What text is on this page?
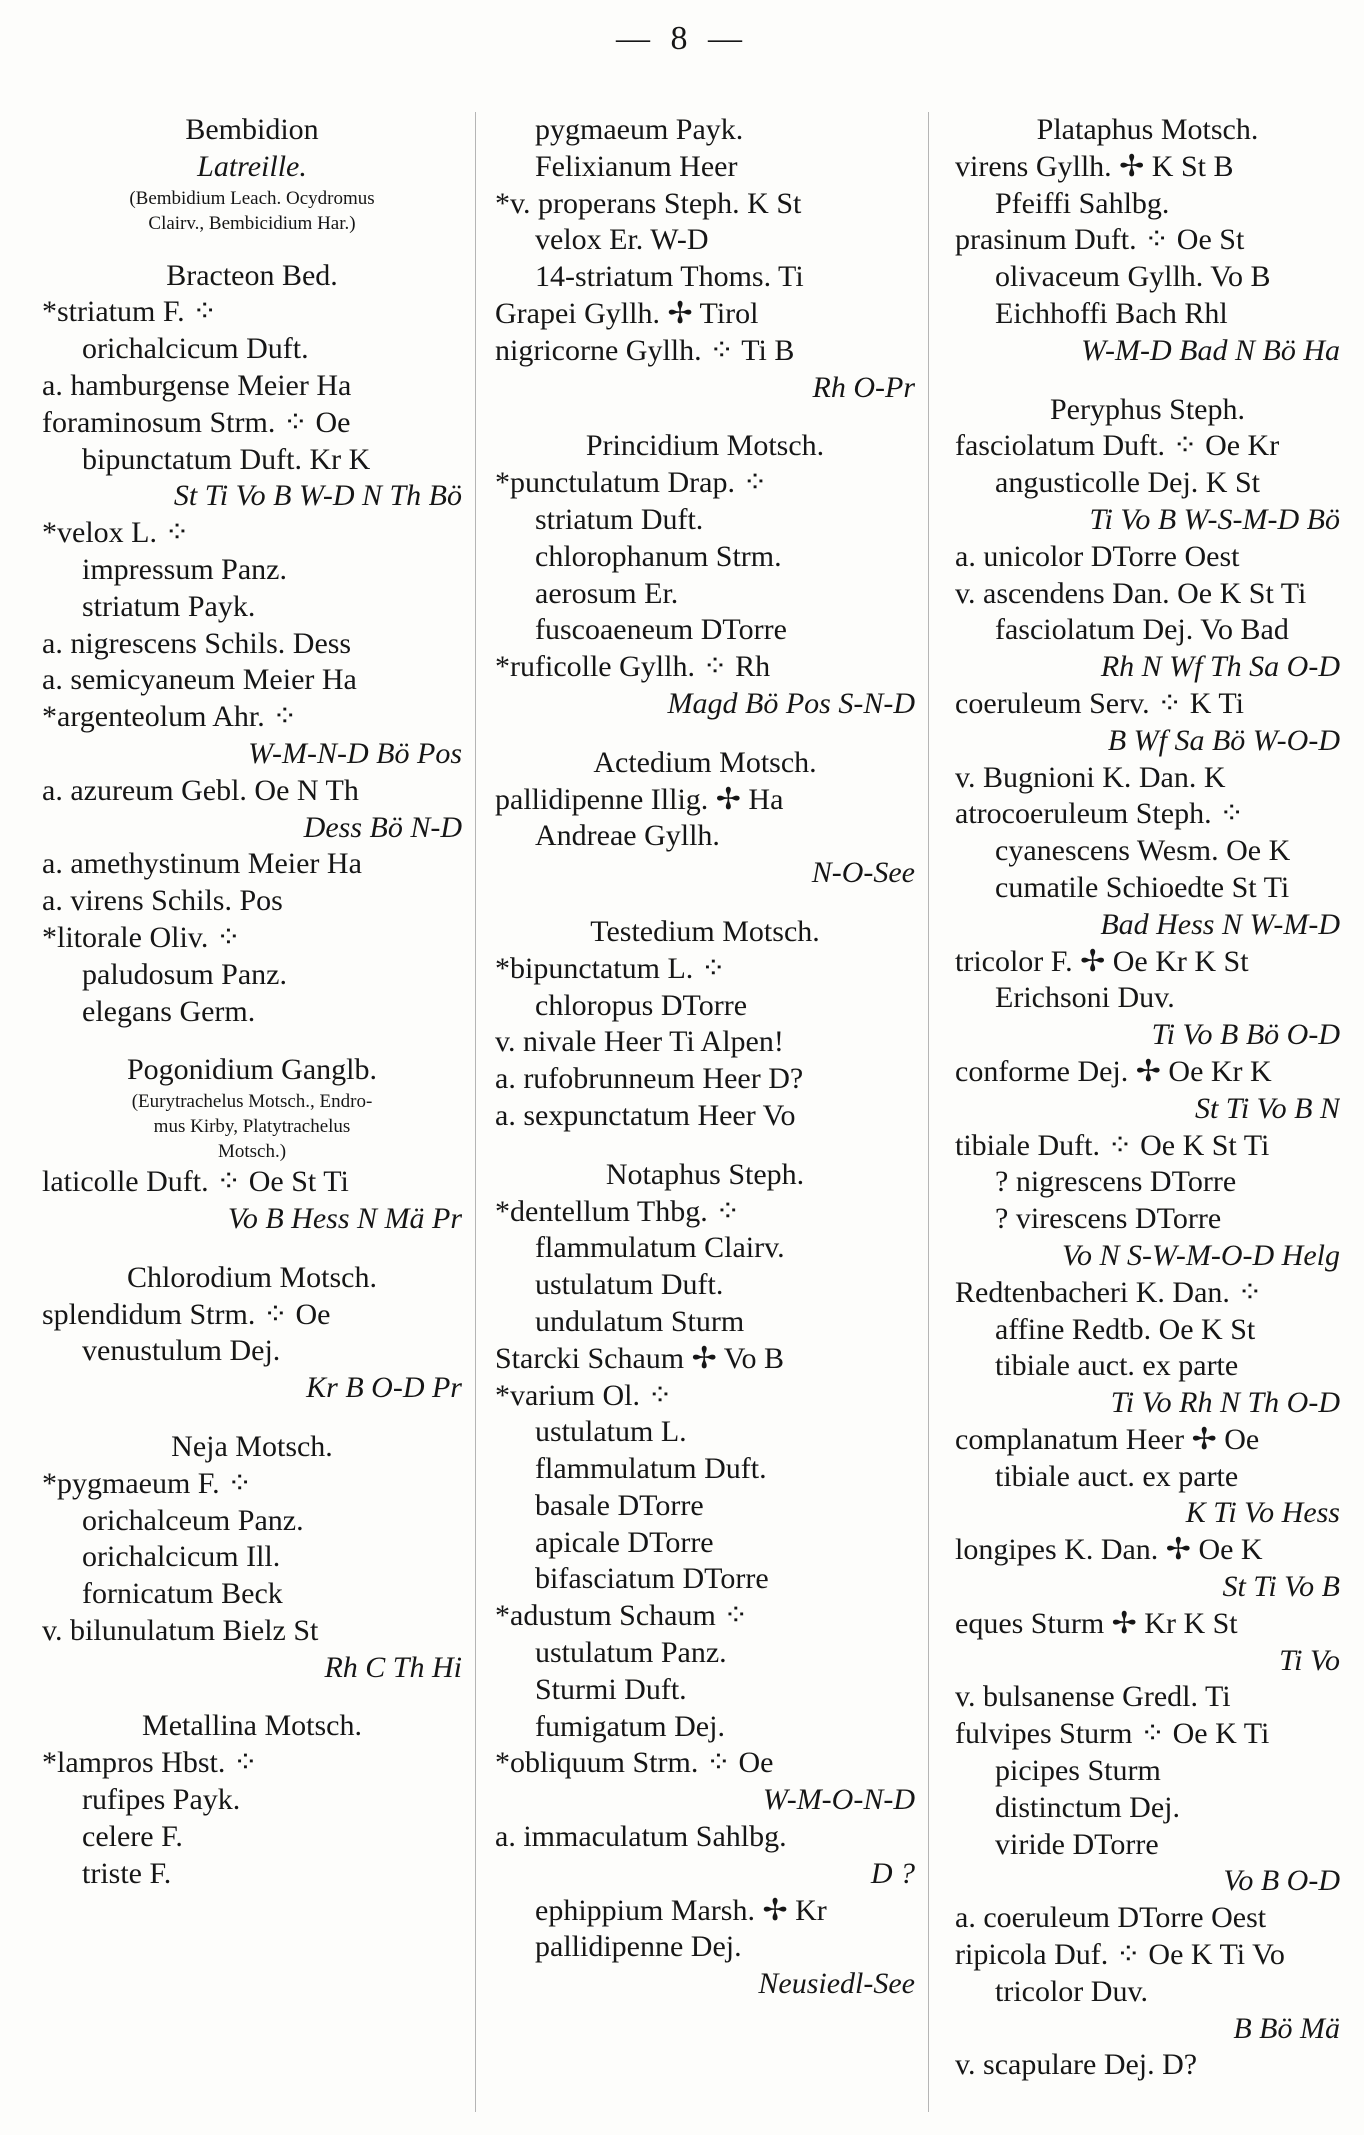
— 8 —
Bembidion
Latreille.
(Bembidium Leach. Ocydromus
Clairv., Bembicidium Har.)
Bracteon Bed.
*striatum F. ⁘
orichalcicum Duft.
a. hamburgense Meier Ha
foraminosum Strm. ⁘ Oe
bipunctatum Duft. Kr K
St Ti Vo B W-D N Th Bö
*velox L. ⁘
impressum Panz.
striatum Payk.
a. nigrescens Schils. Dess
a. semicyaneum Meier Ha
*argenteolum Ahr. ⁘
W-M-N-D Bö Pos
a. azureum Gebl. Oe N Th
Dess Bö N-D
a. amethystinum Meier Ha
a. virens Schils. Pos
*litorale Oliv. ⁘
paludosum Panz.
elegans Germ.
Pogonidium Ganglb.
(Eurytrachelus Motsch., Endro-
mus Kirby, Platytrachelus
Motsch.)
laticolle Duft. ⁘ Oe St Ti
Vo B Hess N Mä Pr
Chlorodium Motsch.
splendidum Strm. ⁘ Oe
venustulum Dej.
Kr B O-D Pr
Neja Motsch.
*pygmaeum F. ⁘
orichalceum Panz.
orichalcicum Ill.
fornicatum Beck
v. bilunulatum Bielz St
Rh C Th Hi
Metallina Motsch.
*lampros Hbst. ⁘
rufipes Payk.
celere F.
triste F.
pygmaeum Payk.
Felixianum Heer
*v. properans Steph. K St
velox Er. W-D
14-striatum Thoms. Ti
Grapei Gyllh. ✢ Tirol
nigricorne Gyllh. ⁘ Ti B
Rh O-Pr
Princidium Motsch.
*punctulatum Drap. ⁘
striatum Duft.
chlorophanum Strm.
aerosum Er.
fuscoaeneum DTorre
*ruficolle Gyllh. ⁘ Rh
Magd Bö Pos S-N-D
Actedium Motsch.
pallidipenne Illig. ✢ Ha
Andreae Gyllh.
N-O-See
Testedium Motsch.
*bipunctatum L. ⁘
chloropus DTorre
v. nivale Heer Ti Alpen!
a. rufobrunneum Heer D?
a. sexpunctatum Heer Vo
Notaphus Steph.
*dentellum Thbg. ⁘
flammulatum Clairv.
ustulatum Duft.
undulatum Sturm
Starcki Schaum ✢ Vo B
*varium Ol. ⁘
ustulatum L.
flammulatum Duft.
basale DTorre
apicale DTorre
bifasciatum DTorre
*adustum Schaum ⁘
ustulatum Panz.
Sturmi Duft.
fumigatum Dej.
*obliquum Strm. ⁘ Oe
W-M-O-N-D
a. immaculatum Sahlbg.
D ?
ephippium Marsh. ✢ Kr
pallidipenne Dej.
Neusiedl-See
Plataphus Motsch.
virens Gyllh. ✢ K St B
Pfeiffi Sahlbg.
prasinum Duft. ⁘ Oe St
olivaceum Gyllh. Vo B
Eichhoffi Bach Rhl
W-M-D Bad N Bö Ha
Peryphus Steph.
fasciolatum Duft. ⁘ Oe Kr
angusticolle Dej. K St
Ti Vo B W-S-M-D Bö
a. unicolor DTorre Oest
v. ascendens Dan. Oe K St Ti
fasciolatum Dej. Vo Bad
Rh N Wf Th Sa O-D
coeruleum Serv. ⁘ K Ti
B Wf Sa Bö W-O-D
v. Bugnioni K. Dan. K
atrocoeruleum Steph. ⁘
cyanescens Wesm. Oe K
cumatile Schioedte St Ti
Bad Hess N W-M-D
tricolor F. ✢ Oe Kr K St
Erichsoni Duv.
Ti Vo B Bö O-D
conforme Dej. ✢ Oe Kr K
St Ti Vo B N
tibiale Duft. ⁘ Oe K St Ti
? nigrescens DTorre
? virescens DTorre
Vo N S-W-M-O-D Helg
Redtenbacheri K. Dan. ⁘
affine Redtb. Oe K St
tibiale auct. ex parte
Ti Vo Rh N Th O-D
complanatum Heer ✢ Oe
tibiale auct. ex parte
K Ti Vo Hess
longipes K. Dan. ✢ Oe K
St Ti Vo B
eques Sturm ✢ Kr K St
Ti Vo
v. bulsanense Gredl. Ti
fulvipes Sturm ⁘ Oe K Ti
picipes Sturm
distinctum Dej.
viride DTorre
Vo B O-D
a. coeruleum DTorre Oest
ripicola Duf. ⁘ Oe K Ti Vo
tricolor Duv.
B Bö Mä
v. scapulare Dej. D?
